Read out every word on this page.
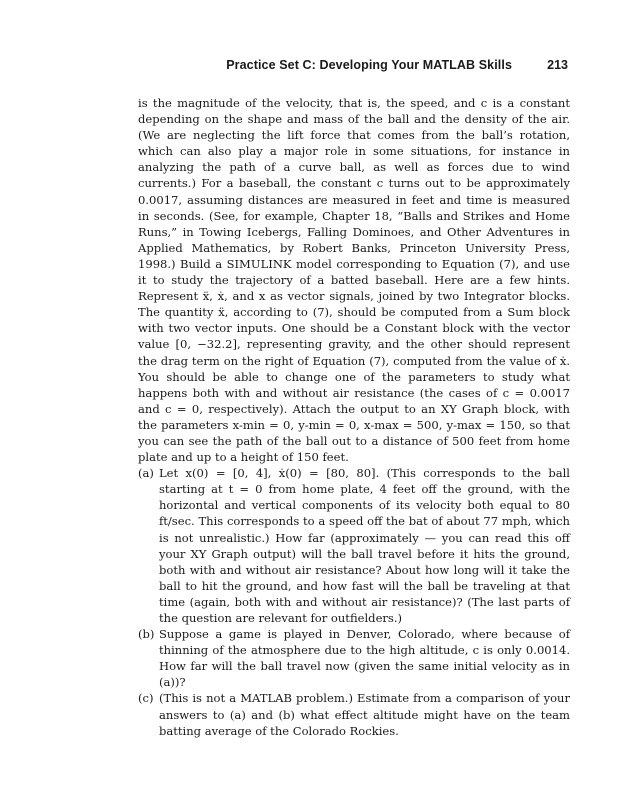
Practice Set C: Developing Your MATLAB Skills	213

is the magnitude of the velocity, that is, the speed, and c is a constant depending on the shape and mass of the ball and the density of the air. (We are neglecting the lift force that comes from the ball’s rotation, which can also play a major role in some situations, for instance in analyzing the path of a curve ball, as well as forces due to wind currents.) For a baseball, the constant c turns out to be approximately 0.0017, assuming distances are measured in feet and time is measured in seconds. (See, for example, Chapter 18, “Balls and Strikes and Home Runs,” in Towing Icebergs, Falling Dominoes, and Other Adventures in Applied Mathematics, by Robert Banks, Princeton University Press, 1998.) Build a SIMULINK model corresponding to Equation (7), and use it to study the trajectory of a batted baseball. Here are a few hints. Represent ẍ, ẋ, and x as vector signals, joined by two Integrator blocks. The quantity ẍ, according to (7), should be computed from a Sum block with two vector inputs. One should be a Constant block with the vector value [0, −32.2], representing gravity, and the other should represent the drag term on the right of Equation (7), computed from the value of ẋ. You should be able to change one of the parameters to study what happens both with and without air resistance (the cases of c = 0.0017 and c = 0, respectively). Attach the output to an XY Graph block, with the parameters x-min = 0, y-min = 0, x-max = 500, y-max = 150, so that you can see the path of the ball out to a distance of 500 feet from home plate and up to a height of 150 feet.

(a) Let x(0) = [0, 4], ẋ(0) = [80, 80]. (This corresponds to the ball starting at t = 0 from home plate, 4 feet off the ground, with the horizontal and vertical components of its velocity both equal to 80 ft/sec. This corresponds to a speed off the bat of about 77 mph, which is not unrealistic.) How far (approximately — you can read this off your XY Graph output) will the ball travel before it hits the ground, both with and without air resistance? About how long will it take the ball to hit the ground, and how fast will the ball be traveling at that time (again, both with and without air resistance)? (The last parts of the question are relevant for outfielders.)
(b) Suppose a game is played in Denver, Colorado, where because of thinning of the atmosphere due to the high altitude, c is only 0.0014. How far will the ball travel now (given the same initial velocity as in (a))?
(c) (This is not a MATLAB problem.) Estimate from a comparison of your answers to (a) and (b) what effect altitude might have on the team batting average of the Colorado Rockies.
